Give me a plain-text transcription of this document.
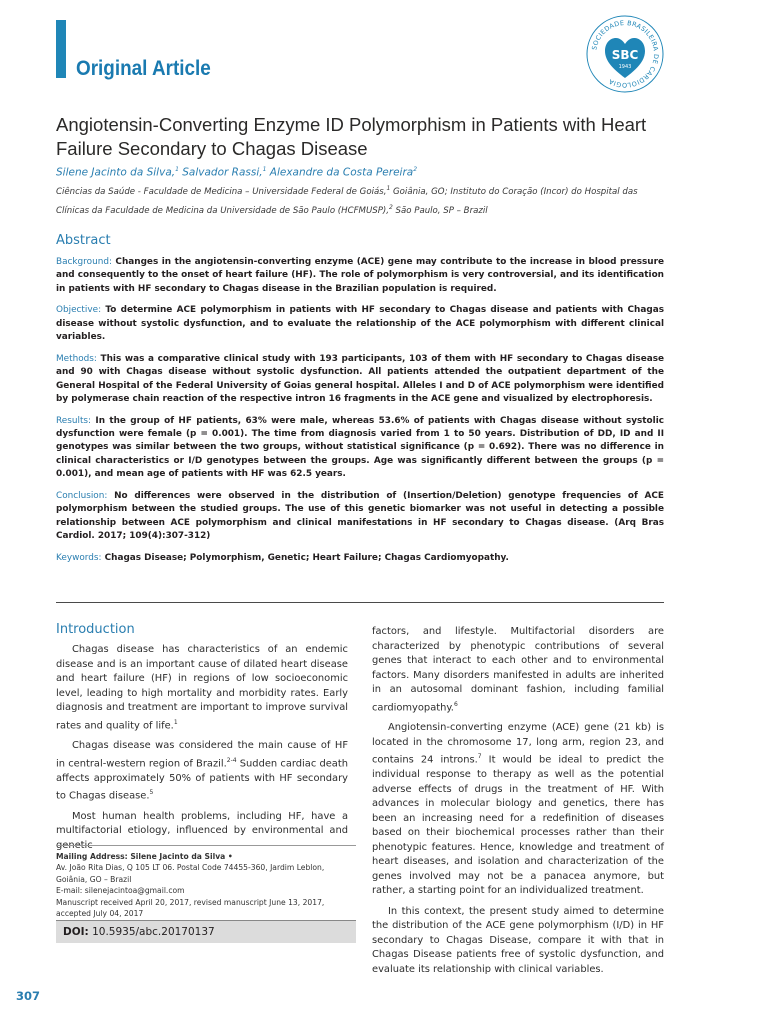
Original Article
SOCIEDADE BRASILEIRA DE CARDIOLOGIA
SBC
1943
Angiotensin-Converting Enzyme ID Polymorphism in Patients with Heart Failure Secondary to Chagas Disease
Silene Jacinto da Silva,$^1$ Salvador Rassi,$^1$ Alexandre da Costa Pereira$^2$
Ciências da Saúde - Faculdade de Medicina – Universidade Federal de Goiás,$^1$ Goiânia, GO; Instituto do Coração (Incor) do Hospital das Clínicas da Faculdade de Medicina da Universidade de São Paulo (HCFMUSP),$^2$ São Paulo, SP – Brazil
Abstract

Background: Changes in the angiotensin-converting enzyme (ACE) gene may contribute to the increase in blood pressure and consequently to the onset of heart failure (HF). The role of polymorphism is very controversial, and its identification in patients with HF secondary to Chagas disease in the Brazilian population is required.

Objective: To determine ACE polymorphism in patients with HF secondary to Chagas disease and patients with Chagas disease without systolic dysfunction, and to evaluate the relationship of the ACE polymorphism with different clinical variables.

Methods: This was a comparative clinical study with 193 participants, 103 of them with HF secondary to Chagas disease and 90 with Chagas disease without systolic dysfunction. All patients attended the outpatient department of the General Hospital of the Federal University of Goias general hospital. Alleles I and D of ACE polymorphism were identified by polymerase chain reaction of the respective intron 16 fragments in the ACE gene and visualized by electrophoresis.

Results: In the group of HF patients, 63% were male, whereas 53.6% of patients with Chagas disease without systolic dysfunction were female (p = 0.001). The time from diagnosis varied from 1 to 50 years. Distribution of DD, ID and II genotypes was similar between the two groups, without statistical significance (p = 0.692). There was no difference in clinical characteristics or I/D genotypes between the groups. Age was significantly different between the groups (p = 0.001), and mean age of patients with HF was 62.5 years.

Conclusion: No differences were observed in the distribution of (Insertion/Deletion) genotype frequencies of ACE polymorphism between the studied groups. The use of this genetic biomarker was not useful in detecting a possible relationship between ACE polymorphism and clinical manifestations in HF secondary to Chagas disease. (Arq Bras Cardiol. 2017; 109(4):307-312)

Keywords: Chagas Disease; Polymorphism, Genetic; Heart Failure; Chagas Cardiomyopathy.

Introduction

Chagas disease has characteristics of an endemic disease and is an important cause of dilated heart disease and heart failure (HF) in regions of low socioeconomic level, leading to high mortality and morbidity rates. Early diagnosis and treatment are important to improve survival rates and quality of life.$^1$

Chagas disease was considered the main cause of HF in central-western region of Brazil.$^{2-4}$ Sudden cardiac death affects approximately 50% of patients with HF secondary to Chagas disease.$^5$

Most human health problems, including HF, have a multifactorial etiology, influenced by environmental and

factors, and lifestyle. Multifactorial disorders are characterized by phenotypic contributions of several genes that interact to each other and to environmental factors. Many disorders manifested in adults are inherited in an autosomal dominant fashion, including familial cardiomyopathy.$^6$

Angiotensin-converting enzyme (ACE) gene (21 kb) is located in the chromosome 17, long arm, region 23, and contains 24 introns.$^7$ It would be ideal to predict the individual response to therapy as well as the potential adverse effects of drugs in the treatment of HF. With advances in molecular biology and genetics, there has been an increasing need for a redefinition of diseases based on their biochemical processes rather than their phenotypic features. Hence, knowledge and treatment of heart diseases, and isolation and characterization of the genes involved may not be a panacea anymore, but rather, a starting point for an individualized treatment.

In this context, the present study aimed to determine the distribution of the ACE gene polymorphism (I/D) in HF secondary to Chagas Disease, compare it with that in Chagas Disease patients free of systolic dysfunction, and evaluate its relationship with clinical variables.

Mailing Address: Silene Jacinto da Silva •
Av. João Rita Dias, Q 105 LT 06. Postal Code 74455-360, Jardim Leblon,
Goiânia, GO – Brazil
E-mail: silenejacintoa@gmail.com
Manuscript received April 20, 2017, revised manuscript June 13, 2017,
accepted July 04, 2017
DOI: 10.5935/abc.20170137
307
